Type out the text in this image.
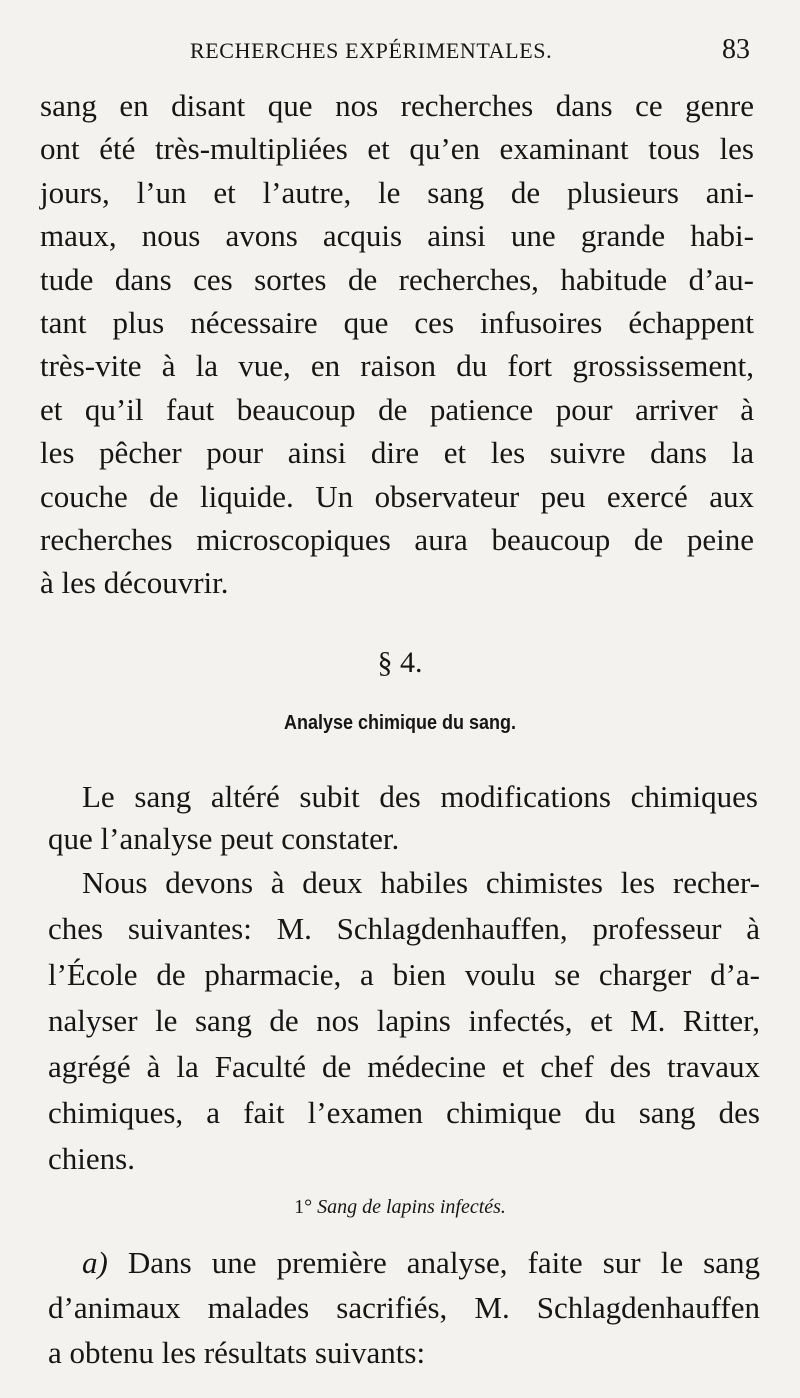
RECHERCHES EXPÉRIMENTALES.	83

sang en disant que nos recherches dans ce genre
ont été très-multipliées et qu’en examinant tous les
jours, l’un et l’autre, le sang de plusieurs ani-
maux, nous avons acquis ainsi une grande habi-
tude dans ces sortes de recherches, habitude d’au-
tant plus nécessaire que ces infusoires échappent
très-vite à la vue, en raison du fort grossissement,
et qu’il faut beaucoup de patience pour arriver à
les pêcher pour ainsi dire et les suivre dans la
couche de liquide. Un observateur peu exercé aux
recherches microscopiques aura beaucoup de peine
à les découvrir.

§ 4.
Analyse chimique du sang.

Le sang altéré subit des modifications chimiques
que l’analyse peut constater.

Nous devons à deux habiles chimistes les recher-
ches suivantes: M. Schlagdenhauffen, professeur à
l’École de pharmacie, a bien voulu se charger d’a-
nalyser le sang de nos lapins infectés, et M. Ritter,
agrégé à la Faculté de médecine et chef des travaux
chimiques, a fait l’examen chimique du sang des
chiens.

1° Sang de lapins infectés.

a) Dans une première analyse, faite sur le sang
d’animaux malades sacrifiés, M. Schlagdenhauffen
a obtenu les résultats suivants:
